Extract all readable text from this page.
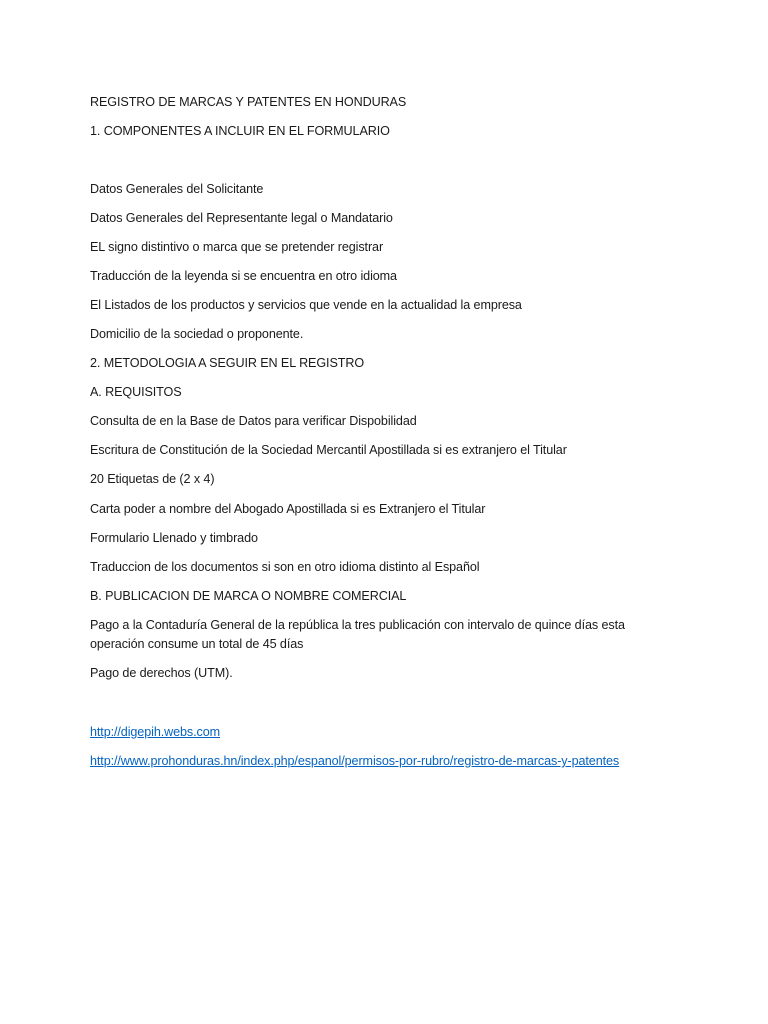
REGISTRO DE MARCAS Y PATENTES EN HONDURAS
1. COMPONENTES A INCLUIR EN EL FORMULARIO
Datos Generales del Solicitante
Datos Generales del Representante legal o Mandatario
EL signo distintivo o marca que se pretender registrar
Traducción de la leyenda si se encuentra en otro idioma
El Listados de los productos y servicios que vende en la actualidad la empresa
Domicilio de la sociedad o proponente.
2. METODOLOGIA A SEGUIR EN EL REGISTRO
A. REQUISITOS
Consulta de en la Base de Datos para verificar Dispobilidad
Escritura de Constitución de la Sociedad Mercantil Apostillada si es extranjero el Titular
20 Etiquetas de (2 x 4)
Carta poder a nombre del Abogado Apostillada si es Extranjero el Titular
Formulario Llenado y timbrado
Traduccion de los documentos si son en otro idioma distinto al Español
B. PUBLICACION DE MARCA O NOMBRE COMERCIAL
Pago a la Contaduría General de la república la tres publicación con intervalo de quince días esta
operación consume un total de 45 días
Pago de derechos (UTM).
http://digepih.webs.com
http://www.prohonduras.hn/index.php/espanol/permisos-por-rubro/registro-de-marcas-y-patentes
